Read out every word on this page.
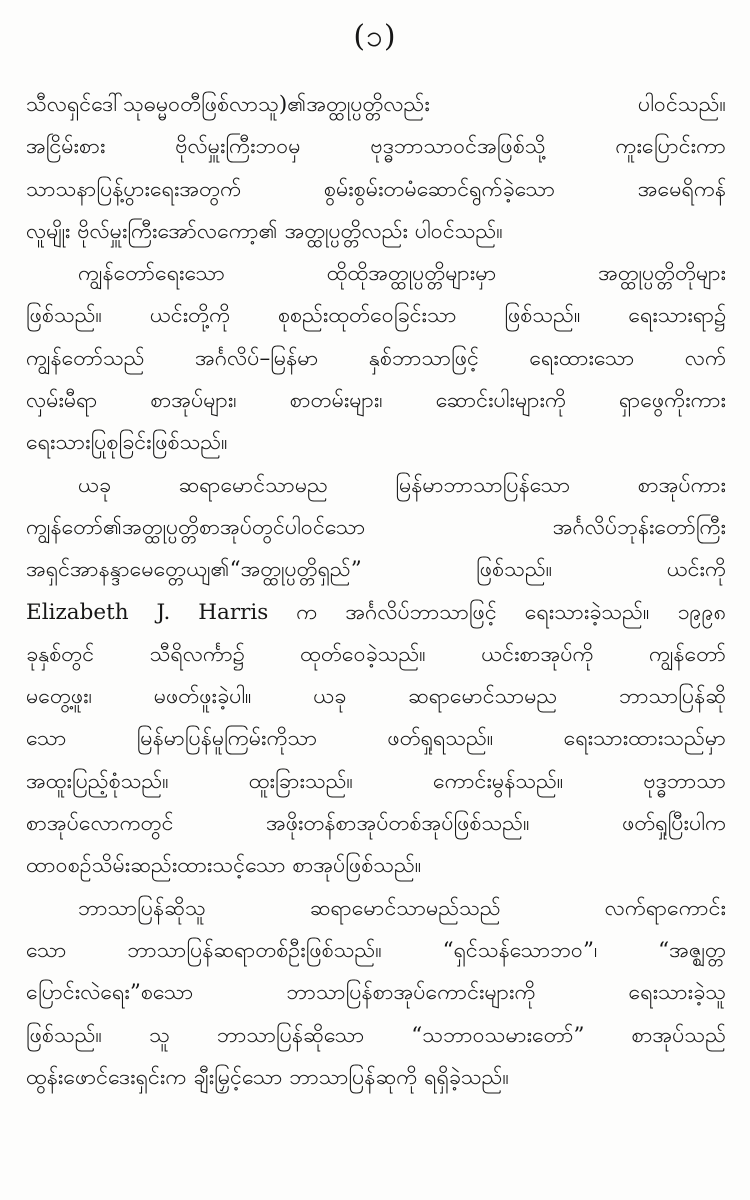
(၁)
သီလရှင်ဒေါ်သုဓမ္မဝတီဖြစ်လာသူ)၏အတ္ထုပ္ပတ္တိလည်း ပါဝင်သည်။
အငြိမ်းစား ဗိုလ်မှူးကြီးဘဝမှ ဗုဒ္ဓဘာသာဝင်အဖြစ်သို့ ကူးပြောင်းကာ
သာသနာပြန့်ပွားရေးအတွက် စွမ်းစွမ်းတမံဆောင်ရွက်ခဲ့သော အမေရိကန်
လူမျိုး ဗိုလ်မှူးကြီးအော်လကော့၏ အတ္ထုပ္ပတ္တိလည်း ပါဝင်သည်။
ကျွန်တော်ရေးသော ထိုထိုအတ္ထုပ္ပတ္တိများမှာ အတ္ထုပ္ပတ္တိတိုများ
ဖြစ်သည်။ ယင်းတို့ကို စုစည်းထုတ်ဝေခြင်းသာ ဖြစ်သည်။ ရေးသားရာ၌
ကျွန်တော်သည် အင်္ဂလိပ်–မြန်မာ နှစ်ဘာသာဖြင့် ရေးထားသော လက်
လှမ်းမီရာ စာအုပ်များ၊ စာတမ်းများ၊ ဆောင်းပါးများကို ရှာဖွေကိုးကား
ရေးသားပြုစုခြင်းဖြစ်သည်။
ယခု ဆရာမောင်သာမည မြန်မာဘာသာပြန်သော စာအုပ်ကား
ကျွန်တော်၏အတ္ထုပ္ပတ္တိစာအုပ်တွင်ပါဝင်သော အင်္ဂလိပ်ဘုန်းတော်ကြီး
အရှင်အာနန္ဒာမေတ္တေယျ၏“အတ္ထုပ္ပတ္တိရှည်” ဖြစ်သည်။ ယင်းကို
Elizabeth J. Harris က အင်္ဂလိပ်ဘာသာဖြင့် ရေးသားခဲ့သည်။ ၁၉၉၈
ခုနှစ်တွင် သီရိလင်္ကာ၌ ထုတ်ဝေခဲ့သည်။ ယင်းစာအုပ်ကို ကျွန်တော်
မတွေ့ဖူး၊ မဖတ်ဖူးခဲ့ပါ။ ယခု ဆရာမောင်သာမည ဘာသာပြန်ဆို
သော မြန်မာပြန်မူကြမ်းကိုသာ ဖတ်ရှုရသည်။ ရေးသားထားသည်မှာ
အထူးပြည့်စုံသည်။ ထူးခြားသည်။ ကောင်းမွန်သည်။ ဗုဒ္ဓဘာသာ
စာအုပ်လောကတွင် အဖိုးတန်စာအုပ်တစ်အုပ်ဖြစ်သည်။ ဖတ်ရှုပြီးပါက
ထာဝစဉ်သိမ်းဆည်းထားသင့်သော စာအုပ်ဖြစ်သည်။
ဘာသာပြန်ဆိုသူ ဆရာမောင်သာမည်သည် လက်ရာကောင်း
သော ဘာသာပြန်ဆရာတစ်ဦးဖြစ်သည်။ “ရှင်သန်သောဘဝ”၊ “အဇ္ဈတ္တ
ပြောင်းလဲရေး”စသော ဘာသာပြန်စာအုပ်ကောင်းများကို ရေးသားခဲ့သူ
ဖြစ်သည်။ သူ ဘာသာပြန်ဆိုသော “သဘာဝသမားတော်” စာအုပ်သည်
ထွန်းဖောင်ဒေးရှင်းက ချီးမြှင့်သော ဘာသာပြန်ဆုကို ရရှိခဲ့သည်။
